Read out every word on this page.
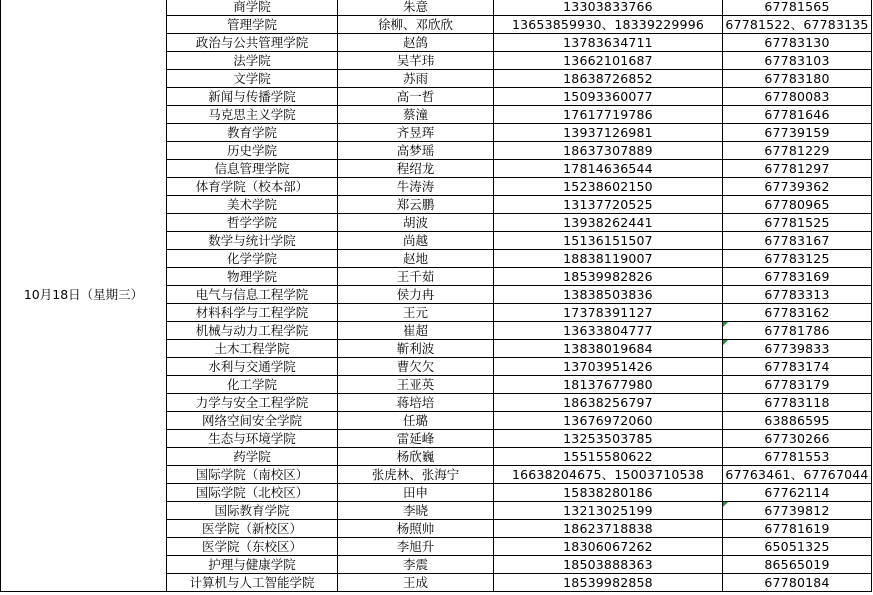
10月18日（星期三）	商学院	朱意	13303833766	67781565
	管理学院	徐柳、邓欣欣	13653859930、18339229996	67781522、67783135
	政治与公共管理学院	赵鸽	13783634711	67783130
	法学院	吴芊玮	13662101687	67783103
	文学院	苏雨	18638726852	67783180
	新闻与传播学院	高一哲	15093360077	67780083
	马克思主义学院	蔡潼	17617719786	67781646
	教育学院	齐昱珲	13937126981	67739159
	历史学院	高梦瑶	18637307889	67781229
	信息管理学院	程绍龙	17814636544	67781297
	体育学院（校本部）	牛涛涛	15238602150	67739362
	美术学院	郑云鹏	13137720525	67780965
	哲学学院	胡波	13938262441	67781525
	数学与统计学院	尚越	15136151507	67783167
	化学学院	赵地	18838119007	67783125
	物理学院	王千茹	18539982826	67783169
	电气与信息工程学院	侯力冉	13838503836	67783313
	材料科学与工程学院	王元	17378391127	67783162
	机械与动力工程学院	崔超	13633804777	67781786
	土木工程学院	靳利波	13838019684	67739833
	水利与交通学院	曹欠欠	13703951426	67783174
	化工学院	王亚英	18137677980	67783179
	力学与安全工程学院	蒋培培	18638256797	67783118
	网络空间安全学院	任璐	13676972060	63886595
	生态与环境学院	雷延峰	13253503785	67730266
	药学院	杨欣巍	15515580622	67781553
	国际学院（南校区）	张虎林、张海宁	16638204675、15003710538	67763461、67767044
	国际学院（北校区）	田申	15838280186	67762114
	国际教育学院	李晓	13213025199	67739812
	医学院（新校区）	杨照帅	18623718838	67781619
	医学院（东校区）	李旭升	18306067262	65051325
	护理与健康学院	李震	18503888363	86565019
	计算机与人工智能学院	王成	18539982858	67780184
